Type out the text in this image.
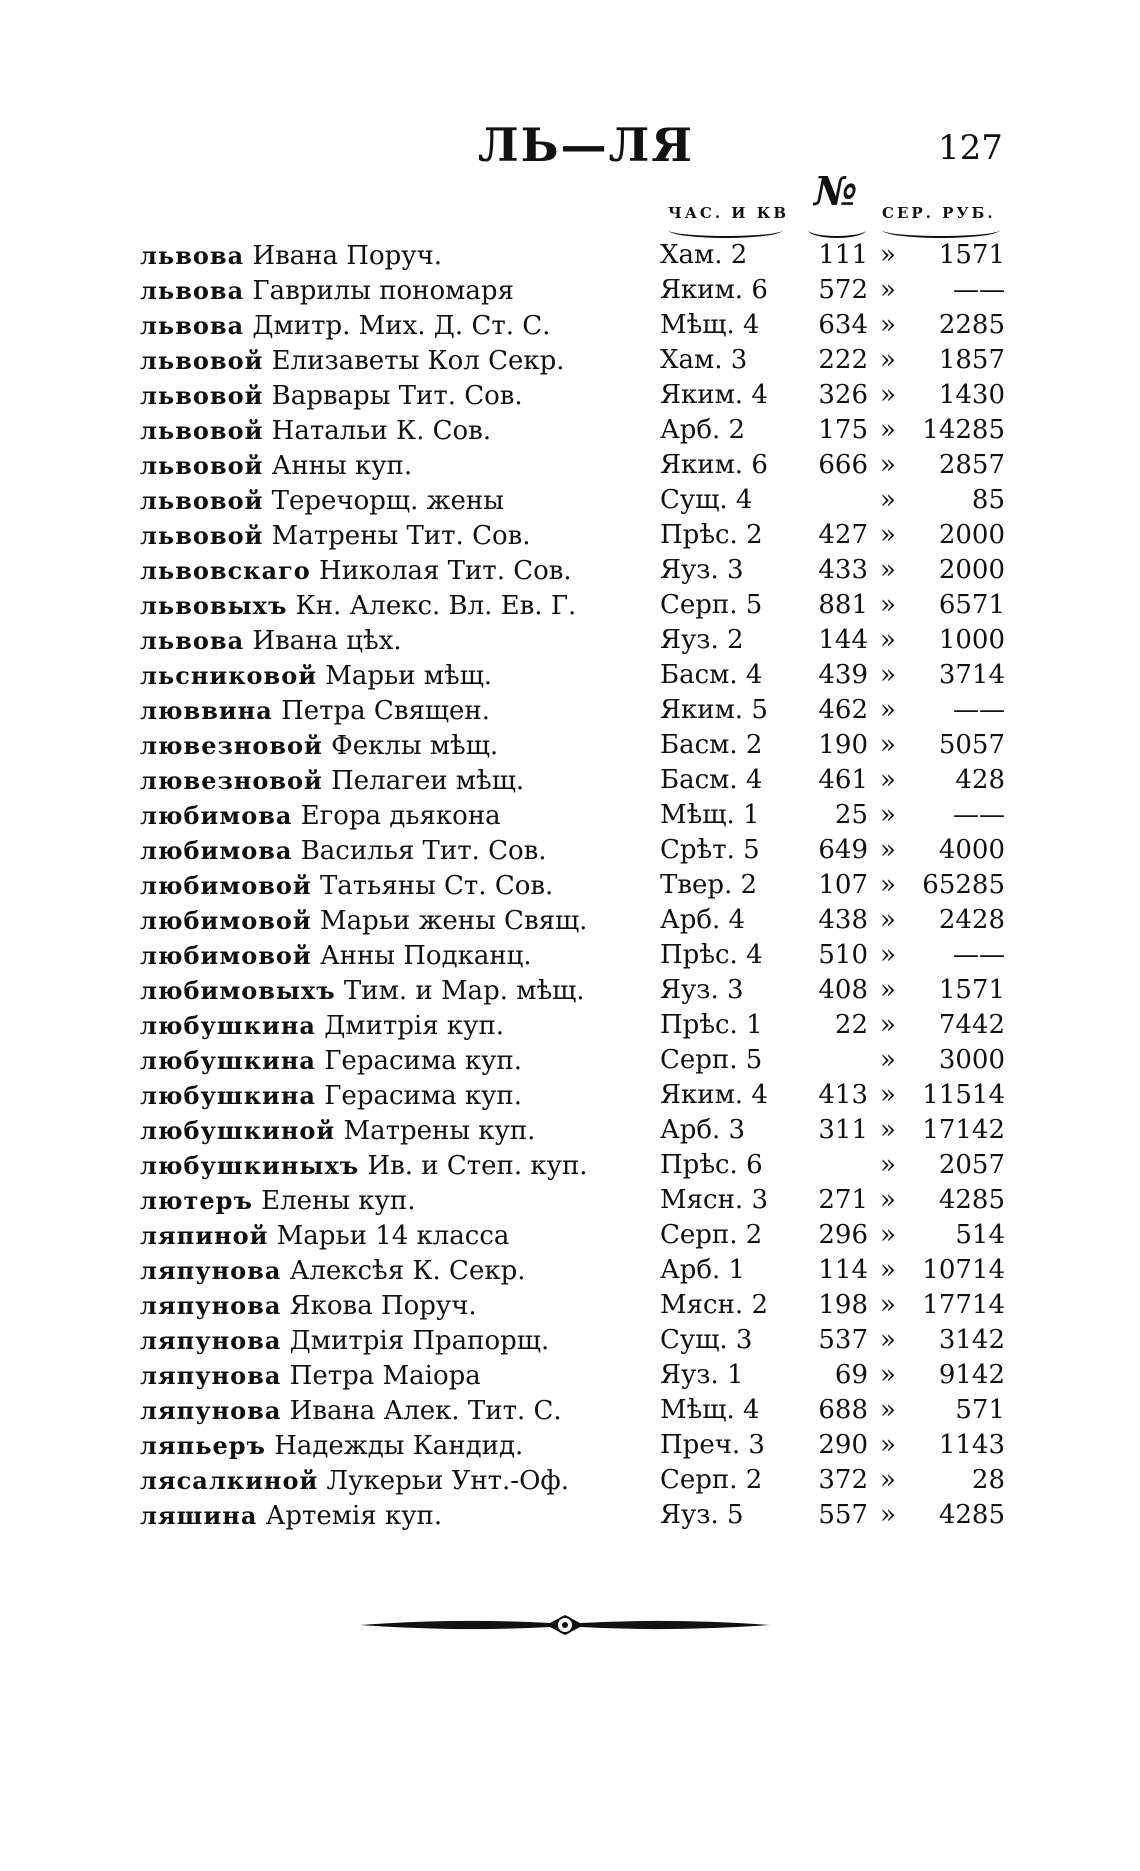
ЛЬ—ЛЯ	127
ЧАС. И КВ № СЕР. РУБ.
львова Ивана Поруч.	Хам. 2	111 »	1571
львова Гаврилы пономаря	Яким. 6	572 »	——
львова Дмитр. Мих. Д. Ст. С.	Мѣщ. 4	634 »	2285
львовой Елизаветы Кол Секр.	Хам. 3	222 »	1857
львовой Варвары Тит. Сов.	Яким. 4	326 »	1430
львовой Натальи К. Сов.	Арб. 2	175 »	14285
львовой Анны куп.	Яким. 6	666 »	2857
львовой Теречорщ. жены	Сущ. 4	»	85
львовой Матрены Тит. Сов.	Прѣс. 2	427 »	2000
львовскаго Николая Тит. Сов.	Яуз. 3	433 »	2000
львовыхъ Кн. Алекс. Вл. Ев. Г.	Серп. 5	881 »	6571
львова Ивана цѣх.	Яуз. 2	144 »	1000
льсниковой Марьи мѣщ.	Басм. 4	439 »	3714
люввина Петра Священ.	Яким. 5	462 »	——
лювезновой Феклы мѣщ.	Басм. 2	190 »	5057
лювезновой Пелагеи мѣщ.	Басм. 4	461 »	428
любимова Егора дьякона	Мѣщ. 1	25 »	——
любимова Василья Тит. Сов.	Срѣт. 5	649 »	4000
любимовой Татьяны Ст. Сов.	Твер. 2	107 »	65285
любимовой Марьи жены Свящ.	Арб. 4	438 »	2428
любимовой Анны Подканц.	Прѣс. 4	510 »	——
любимовыхъ Тим. и Мар. мѣщ.	Яуз. 3	408 »	1571
любушкина Дмитрія куп.	Прѣс. 1	22 »	7442
любушкина Герасима куп.	Серп. 5	»	3000
любушкина Герасима куп.	Яким. 4	413 »	11514
любушкиной Матрены куп.	Арб. 3	311 »	17142
любушкиныхъ Ив. и Степ. куп.	Прѣс. 6	»	2057
лютеръ Елены куп.	Мясн. 3	271 »	4285
ляпиной Марьи 14 класса	Серп. 2	296 »	514
ляпунова Алексѣя К. Секр.	Арб. 1	114 »	10714
ляпунова Якова Поруч.	Мясн. 2	198 »	17714
ляпунова Дмитрія Прапорщ.	Сущ. 3	537 »	3142
ляпунова Петра Маіора	Яуз. 1	69 »	9142
ляпунова Ивана Алек. Тит. С.	Мѣщ. 4	688 »	571
ляпьеръ Надежды Кандид.	Преч. 3	290 »	1143
лясалкиной Лукерьи Унт.-Оф.	Серп. 2	372 »	28
ляшина Артемія куп.	Яуз. 5	557 »	4285
